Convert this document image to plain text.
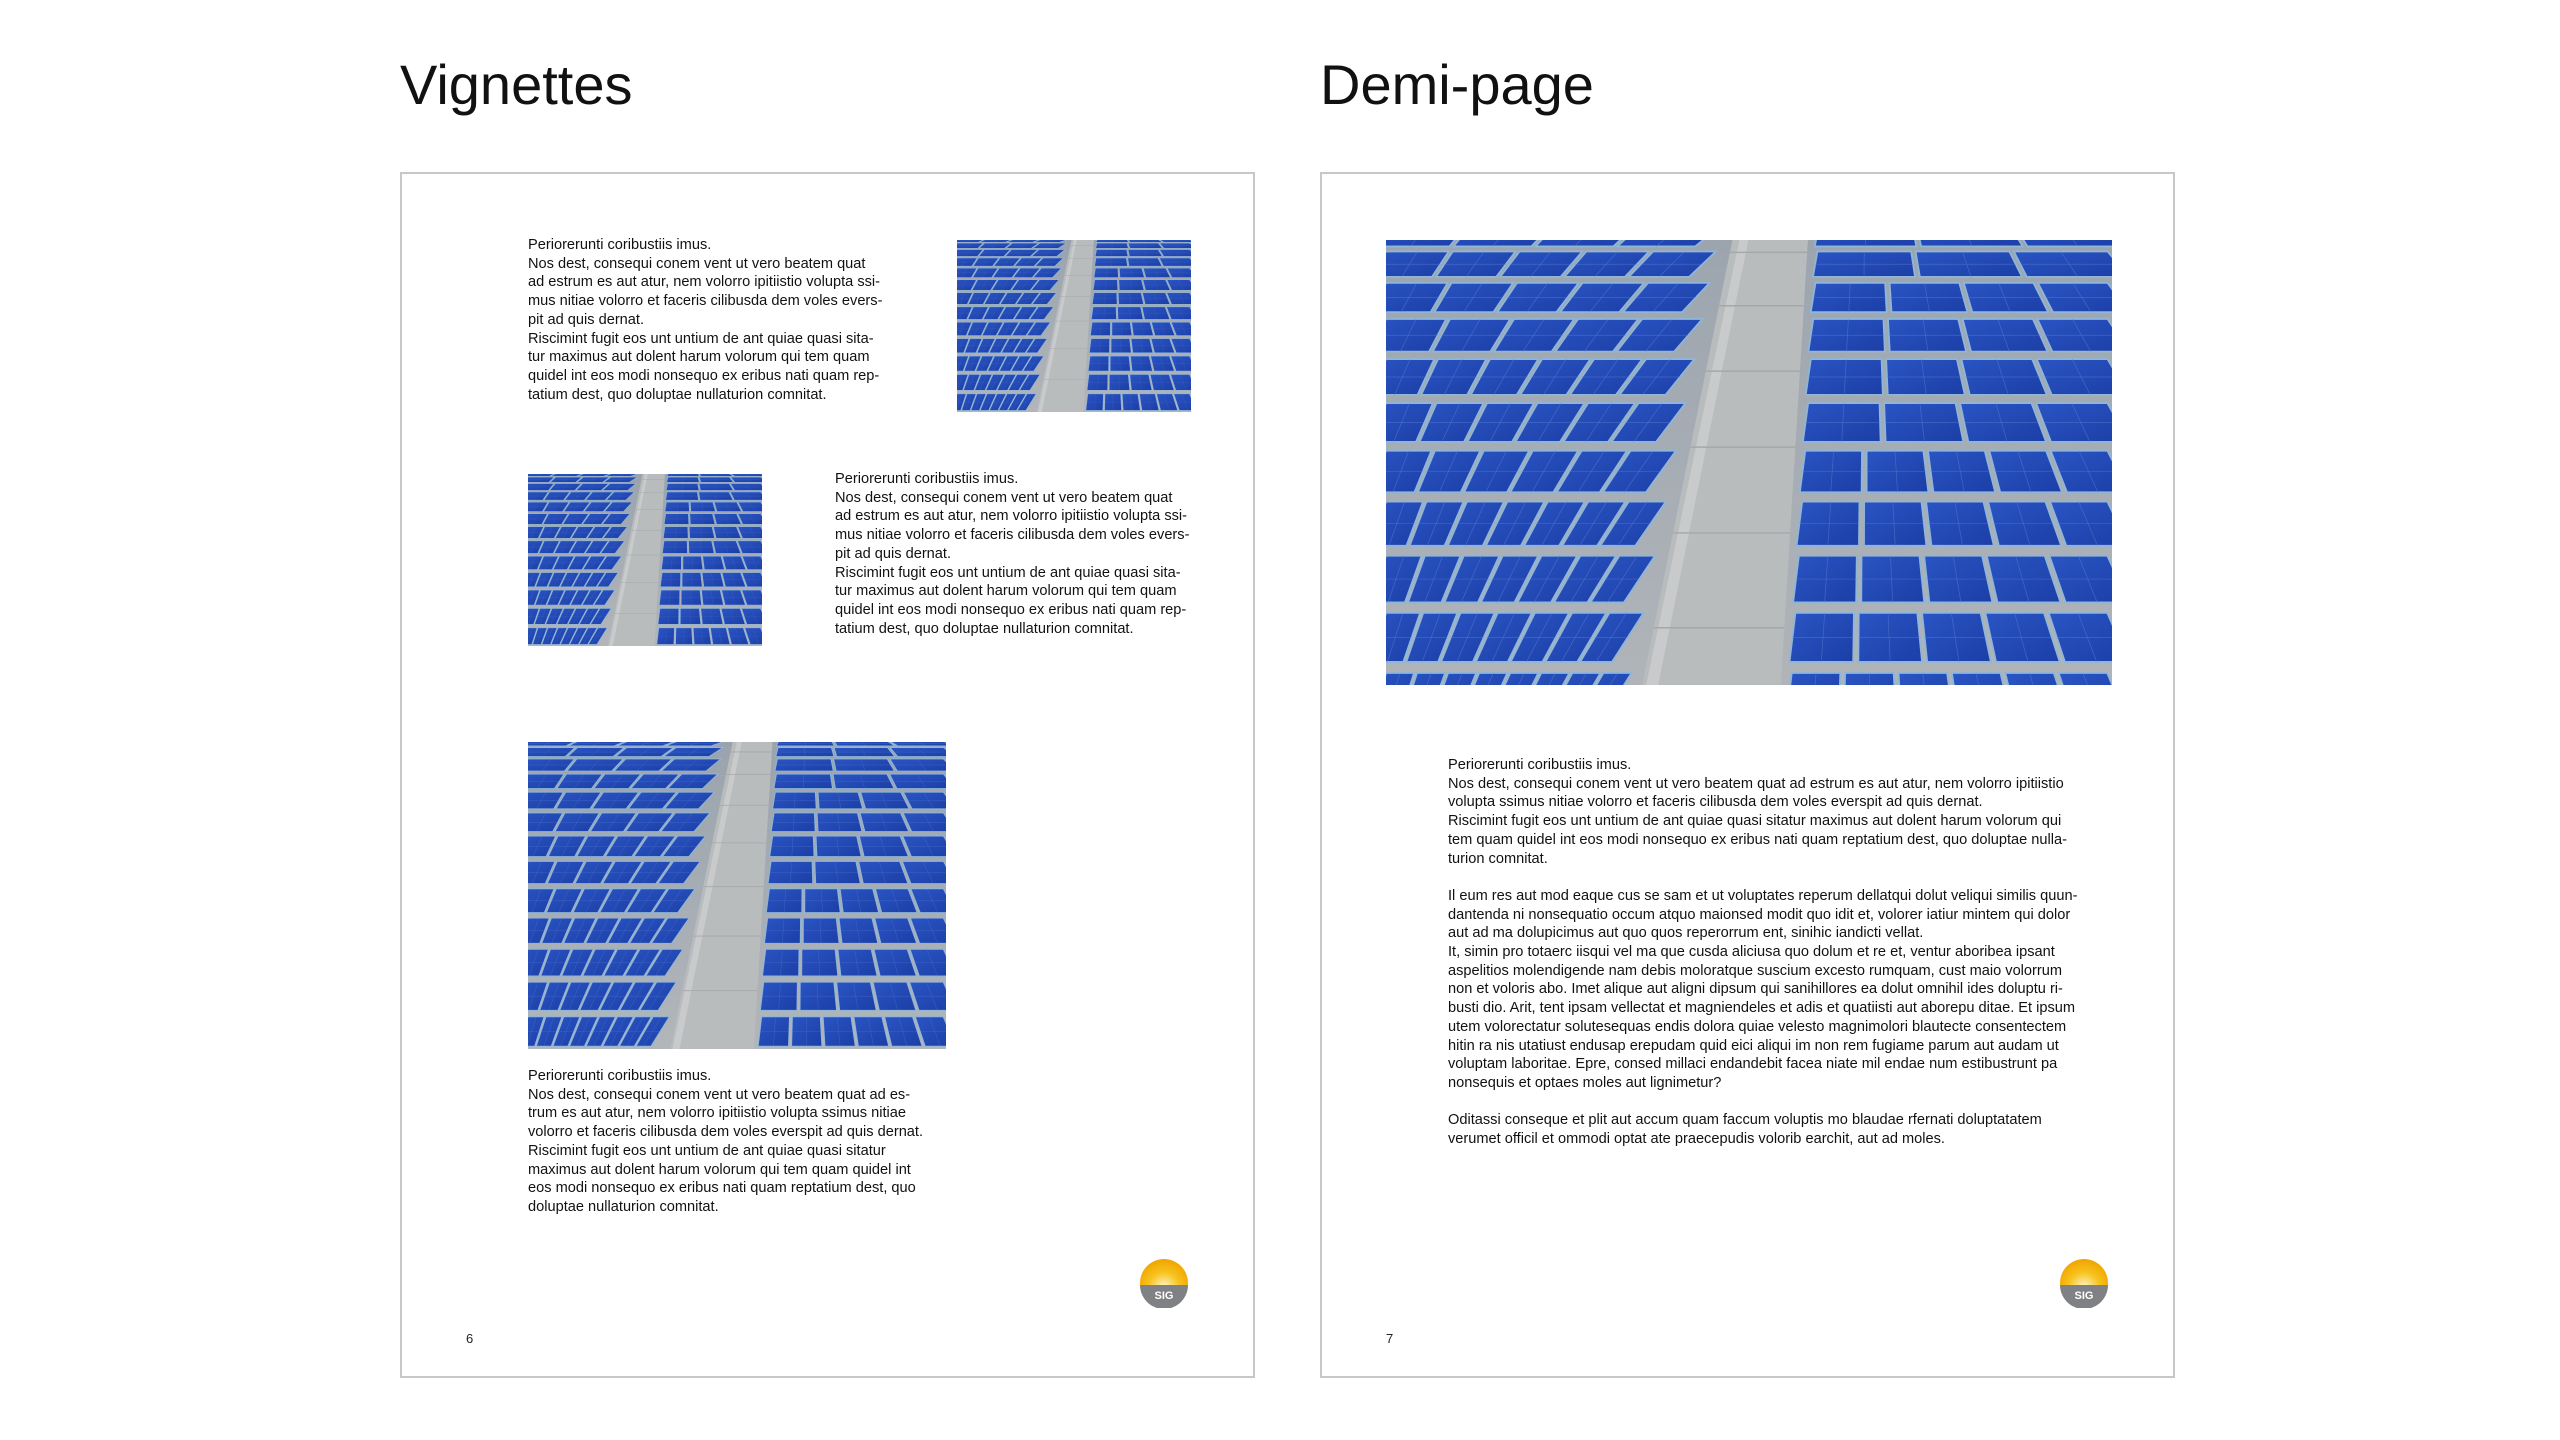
Vignettes	Demi-page

Periorerunti coribustiis imus.

Nos dest, consequi conem vent ut vero beatem quat

ad estrum es aut atur, nem volorro ipitiistio volupta ssi-

mus nitiae volorro et faceris cilibusda dem voles evers-

pit ad quis dernat.

Riscimint fugit eos unt untium de ant quiae quasi sita-

tur maximus aut dolent harum volorum qui tem quam

quidel int eos modi nonsequo ex eribus nati quam rep-

tatium dest, quo doluptae nullaturion comnitat.

Periorerunti coribustiis imus.

Nos dest, consequi conem vent ut vero beatem quat

ad estrum es aut atur, nem volorro ipitiistio volupta ssi-

mus nitiae volorro et faceris cilibusda dem voles evers-

pit ad quis dernat.

Riscimint fugit eos unt untium de ant quiae quasi sita-

tur maximus aut dolent harum volorum qui tem quam

quidel int eos modi nonsequo ex eribus nati quam rep-

tatium dest, quo doluptae nullaturion comnitat.

Periorerunti coribustiis imus.

Nos dest, consequi conem vent ut vero beatem quat ad es-

trum es aut atur, nem volorro ipitiistio volupta ssimus nitiae

volorro et faceris cilibusda dem voles everspit ad quis dernat.

Riscimint fugit eos unt untium de ant quiae quasi sitatur

maximus aut dolent harum volorum qui tem quam quidel int

eos modi nonsequo ex eribus nati quam reptatium dest, quo

doluptae nullaturion comnitat.

SIG
6

Periorerunti coribustiis imus.

Nos dest, consequi conem vent ut vero beatem quat ad estrum es aut atur, nem volorro ipitiistio

volupta ssimus nitiae volorro et faceris cilibusda dem voles everspit ad quis dernat.

Riscimint fugit eos unt untium de ant quiae quasi sitatur maximus aut dolent harum volorum qui

tem quam quidel int eos modi nonsequo ex eribus nati quam reptatium dest, quo doluptae nulla-

turion comnitat.

Il eum res aut mod eaque cus se sam et ut voluptates reperum dellatqui dolut veliqui similis quun-

dantenda ni nonsequatio occum atquo maionsed modit quo idit et, volorer iatiur mintem qui dolor

aut ad ma dolupicimus aut quo quos reperorrum ent, sinihic iandicti vellat.

It, simin pro totaerc iisqui vel ma que cusda aliciusa quo dolum et re et, ventur aboribea ipsant

aspelitios molendigende nam debis moloratque suscium excesto rumquam, cust maio volorrum

non et voloris abo. Imet alique aut aligni dipsum qui sanihillores ea dolut omnihil ides doluptu ri-

busti dio. Arit, tent ipsam vellectat et magniendeles et adis et quatiisti aut aborepu ditae. Et ipsum

utem volorectatur solutesequas endis dolora quiae velesto magnimolori blautecte consentectem

hitin ra nis utatiust endusap erepudam quid eici aliqui im non rem fugiame parum aut audam ut

voluptam laboritae. Epre, consed millaci endandebit facea niate mil endae num estibustrunt pa

nonsequis et optaes moles aut lignimetur?

Oditassi conseque et plit aut accum quam faccum voluptis mo blaudae rfernati doluptatatem

verumet officil et ommodi optat ate praecepudis volorib earchit, aut ad moles.

SIG
7
